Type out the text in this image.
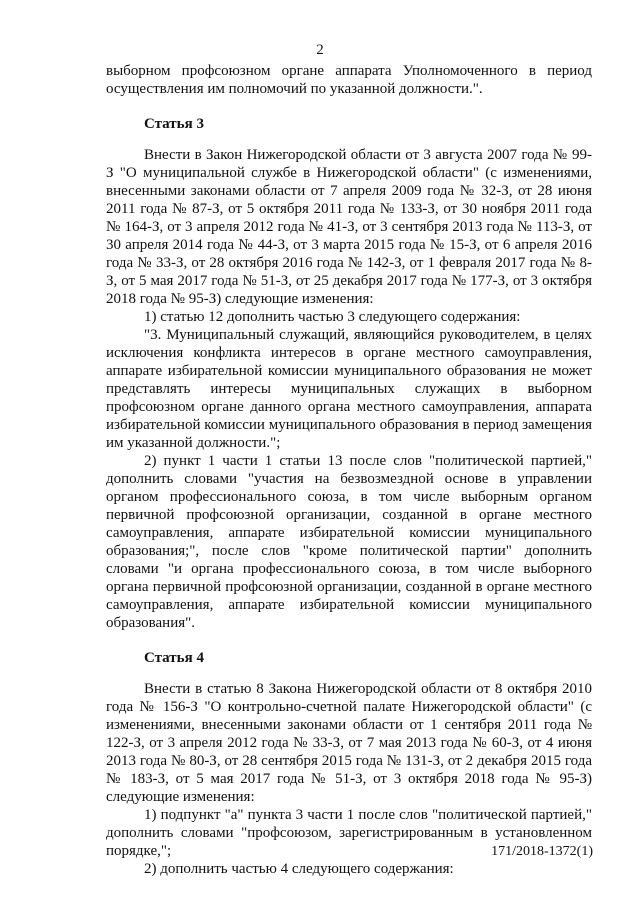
2

выборном профсоюзном органе аппарата Уполномоченного в период осуществления им полномочий по указанной должности.".

Статья 3

Внести в Закон Нижегородской области от 3 августа 2007 года № 99-З "О муниципальной службе в Нижегородской области" (с изменениями, внесенными законами области от 7 апреля 2009 года № 32-З, от 28 июня 2011 года № 87-З, от 5 октября 2011 года № 133-З, от 30 ноября 2011 года № 164-З, от 3 апреля 2012 года № 41-З, от 3 сентября 2013 года № 113-З, от 30 апреля 2014 года № 44-З, от 3 марта 2015 года № 15-З, от 6 апреля 2016 года № 33-З, от 28 октября 2016 года № 142-З, от 1 февраля 2017 года № 8-З, от 5 мая 2017 года № 51-З, от 25 декабря 2017 года № 177-З, от 3 октября 2018 года № 95-З) следующие изменения:

1) статью 12 дополнить частью 3 следующего содержания:

"3. Муниципальный служащий, являющийся руководителем, в целях исключения конфликта интересов в органе местного самоуправления, аппарате избирательной комиссии муниципального образования не может представлять интересы муниципальных служащих в выборном профсоюзном органе данного органа местного самоуправления, аппарата избирательной комиссии муниципального образования в период замещения им указанной должности.";

2) пункт 1 части 1 статьи 13 после слов "политической партией," дополнить словами "участия на безвозмездной основе в управлении органом профессионального союза, в том числе выборным органом первичной профсоюзной организации, созданной в органе местного самоуправления, аппарате избирательной комиссии муниципального образования;", после слов "кроме политической партии" дополнить словами "и органа профессионального союза, в том числе выборного органа первичной профсоюзной организации, созданной в органе местного самоуправления, аппарате избирательной комиссии муниципального образования".

Статья 4

Внести в статью 8 Закона Нижегородской области от 8 октября 2010 года № 156-З "О контрольно-счетной палате Нижегородской области" (с изменениями, внесенными законами области от 1 сентября 2011 года № 122-З, от 3 апреля 2012 года № 33-З, от 7 мая 2013 года № 60-З, от 4 июня 2013 года № 80-З, от 28 сентября 2015 года № 131-З, от 2 декабря 2015 года № 183-З, от 5 мая 2017 года № 51-З, от 3 октября 2018 года № 95-З) следующие изменения:

1) подпункт "а" пункта 3 части 1 после слов "политической партией," дополнить словами "профсоюзом, зарегистрированным в установленном порядке,";

2) дополнить частью 4 следующего содержания:

171/2018-1372(1)
